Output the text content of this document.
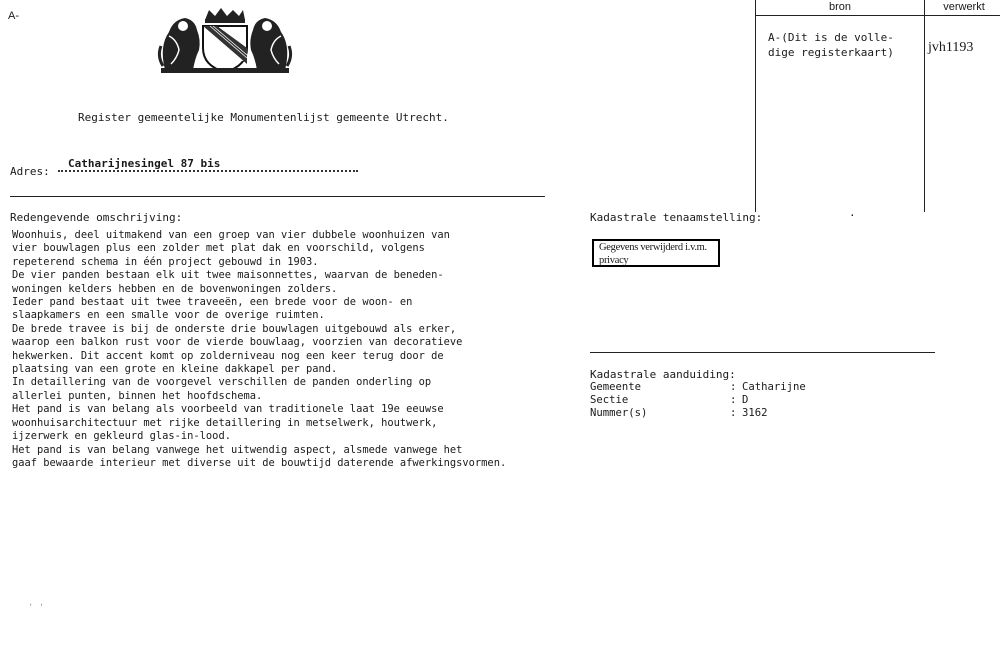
A-
Register gemeentelijke Monumentenlijst gemeente Utrecht.
Adres:
Catharijnesingel 87 bis
Redengevende omschrijving:
Woonhuis, deel uitmakend van een groep van vier dubbele woonhuizen van
vier bouwlagen plus een zolder met plat dak en voorschild, volgens
repeterend schema in één project gebouwd in 1903.
De vier panden bestaan elk uit twee maisonnettes, waarvan de beneden-
woningen kelders hebben en de bovenwoningen zolders.
Ieder pand bestaat uit twee traveeën, een brede voor de woon- en
slaapkamers en een smalle voor de overige ruimten.
De brede travee is bij de onderste drie bouwlagen uitgebouwd als erker,
waarop een balkon rust voor de vierde bouwlaag, voorzien van decoratieve
hekwerken. Dit accent komt op zolderniveau nog een keer terug door de
plaatsing van een grote en kleine dakkapel per pand.
In detaillering van de voorgevel verschillen de panden onderling op
allerlei punten, binnen het hoofdschema.
Het pand is van belang als voorbeeld van traditionele laat 19e eeuwse
woonhuisarchitectuur met rijke detaillering in metselwerk, houtwerk,
ijzerwerk en gekleurd glas-in-lood.
Het pand is van belang vanwege het uitwendig aspect, alsmede vanwege het
gaaf bewaarde interieur met diverse uit de bouwtijd daterende afwerkingsvormen.
bron	verwerkt
A-(Dit is de volle-
dige registerkaart)	jvh1193
Kadastrale tenaamstelling:	·
Gegevens verwijderd i.v.m. privacy
Kadastrale aanduiding:
Gemeente	: Catharijne
Sectie	: D
Nummer(s)	: 3162
' '
